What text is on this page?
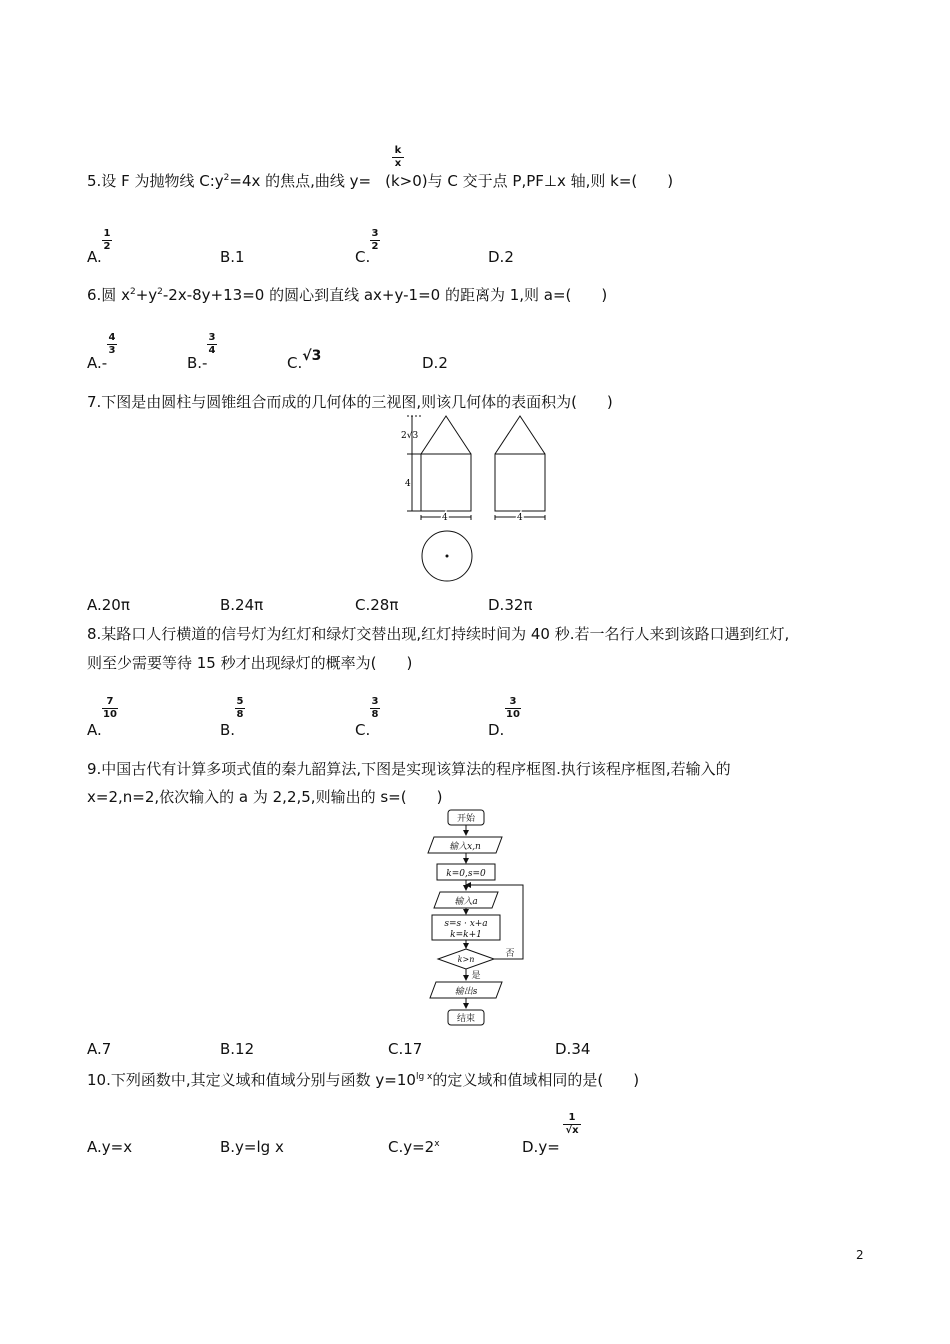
5.设 F 为抛物线 $C:y^2=4x$ 的焦点,曲线 y= (k>0)与 C 交于点 P,PF⊥x 轴,则 k=(　　)
k
x
A.
1
2
B.1	C.
3
2
D.2
6.圆 $x^2+y^2-2x-8y+13=0$ 的圆心到直线 ax+y-1=0 的距离为 1,则 a=(　　)
A.-
4
3
B.-
3
4
C.√3	D.2
7.下图是由圆柱与圆锥组合而成的几何体的三视图,则该几何体的表面积为(　　)
2√3
4
4	4
A.20π	B.24π	C.28π	D.32π
8.某路口人行横道的信号灯为红灯和绿灯交替出现,红灯持续时间为 40 秒.若一名行人来到该路口遇到红灯,
则至少需要等待 15 秒才出现绿灯的概率为(　　)
A.
7
10
B.
5
8
C.
3
8
D.
3
10
9.中国古代有计算多项式值的秦九韶算法,下图是实现该算法的程序框图.执行该程序框图,若输入的
x=2,n=2,依次输入的 a 为 2,2,5,则输出的 s=(　　)
开始
输入x,n
k=0,s=0
输入a
s=s · x+a
k=k+1
k>n
否
是
输出s
结束
A.7	B.12	C.17	D.34
10.下列函数中,其定义域和值域分别与函数 $y=10^{lg x}$的定义域和值域相同的是(　　)
A.y=x	B.y=lg x	$C.y=2^x$	D.y=
1
√x
2
